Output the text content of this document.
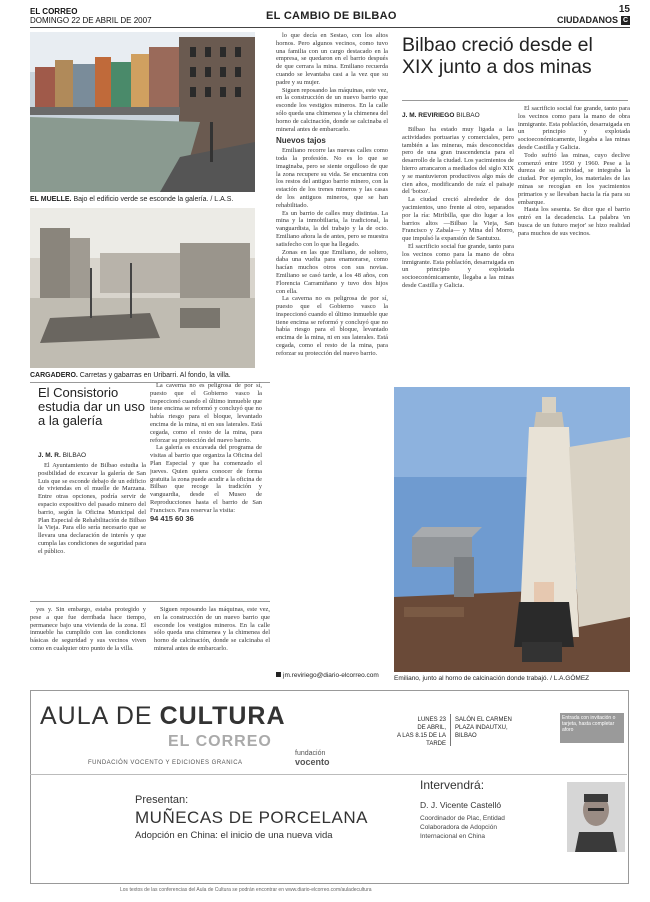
EL CORREO
DOMINGO 22 DE ABRIL DE 2007	EL CAMBIO DE BILBAO
15
CIUDADANOS C
EL MUELLE. Bajo el edificio verde se esconde la galería. / L.A.S.
CARGADERO. Carretas y gabarras en Uribarri. Al fondo, la villa.
El Consistorio estudia dar un uso a la galería
J. M. R. BILBAO

El Ayuntamiento de Bilbao estudia la posibilidad de excavar la galería de San Luis que se esconde debajo de un edificio de viviendas en el muelle de Marzana. Entre otras opciones, podría servir de espacio expositivo del pasado minero del barrio, según la Oficina Municipal del Plan Especial de Rehabilitación de Bilbao la Vieja. Para ello sería necesario que se llevara una declaración de interés y que cumpla las condiciones de seguridad para el público.

La caverna no es peligrosa de por sí, puesto que el Gobierno vasco la inspeccionó cuando el último inmueble que tiene encima se reformó y concluyó que no había riesgo para el bloque, levantado encima de la mina, ni en sus laterales. Está cegada, como el resto de la mina, para reforzar su protección del nuevo barrio.

La galería es excavada del programa de visitas al barrio que organiza la Oficina del Plan Especial y que ha comenzado el jueves. Quien quiera conocer de forma gratuita la zona puede acudir a la oficina de Bilbao que recoge la tradición y vanguardia, desde el Museo de Reproducciones hasta el barrio de San Francisco. Para reservar la visita:

94 415 60 36

yes y. Sin embargo, estaba protegido y pese a que fue derribada hace tiempo, permanece bajo una vivienda de la zona. El inmueble ha cumplido con las condiciones básicas de seguridad y sus vecinos viven como en cualquier otro punto de la villa.

Siguen reposando las máquinas, este vez, en la construcción de un nuevo barrio que esconde los vestigios mineros. En la calle sólo queda una chimenea y la chimenea del horno de calcinación, donde se calcinaba el mineral antes de embarcarlo.

lo que decía en Sestao, con los altos hornos. Pero algunos vecinos, como tuvo una familia con un cargo destacado en la empresa, se quedaron en el barrio después de que cerrara la mina. Emiliano recuerda cuando se levantaba casi a la vez que su padre y su mujer.

Siguen reposando las máquinas, este vez, en la construcción de un nuevo barrio que esconde los vestigios mineros. En la calle sólo queda una chimenea y la chimenea del horno de calcinación, donde se calcinaba el mineral antes de embarcarlo.

Nuevos tajos

Emiliano recorre las nuevas calles como toda la profesión. No es lo que se imaginaba, pero se siente orgulloso de que la zona recupere su vida. Se encuentra con los restos del antiguo barrio minero, con la estación de los trenes mineros y las casas de los antiguos mineros, que se han rehabilitado.

Es un barrio de calles muy distintas. La mina y la inmobiliaria, la tradicional, la vanguardista, la del trabajo y la de ocio. Emiliano añora la de antes, pero se muestra satisfecho con lo que ha llegado.

Zonas en las que Emiliano, de soltero, daba una vuelta para enamorarse, como hacían muchos otros con sus novias. Emiliano se casó tarde, a los 48 años, con Florencia Carramiñano y tuvo dos hijos con ella.

La caverna no es peligrosa de por sí, puesto que el Gobierno vasco la inspeccionó cuando el último inmueble que tiene encima se reformó y concluyó que no había riesgo para el bloque, levantado encima de la mina, ni en sus laterales. Está cegada, como el resto de la mina, para reforzar su protección del nuevo barrio.

jm.reviriego@diario-elcorreo.com
Bilbao creció desde el XIX junto a dos minas
J. M. REVIRIEGO BILBAO

Bilbao ha estado muy ligada a las actividades portuarias y comerciales, pero también a las mineras, más desconocidas pero de una gran trascendencia para el desarrollo de la ciudad. Los yacimientos de hierro arrancaron a mediados del siglo XIX y se mantuvieron productivos algo más de cien años, modificando de raíz el paisaje del 'botxo'.

La ciudad creció alrededor de dos yacimientos, uno frente al otro, separados por la ría: Miribilla, que dio lugar a los barrios altos —Bilbao la Vieja, San Francisco y Zabala— y Mina del Morro, que impulsó la expansión de Santutxu.

El sacrificio social fue grande, tanto para los vecinos como para la mano de obra inmigrante. Esta población, desarraigada en un principio y explotada socioeconómicamente, llegaba a las minas desde Castilla y Galicia.

El sacrificio social fue grande, tanto para los vecinos como para la mano de obra inmigrante. Esta población, desarraigada en un principio y explotada socioeconómicamente, llegaba a las minas desde Castilla y Galicia.

Todo sufrió las minas, cuyo declive comenzó entre 1950 y 1960. Pese a la dureza de su actividad, se integraba la ciudad. Por ejemplo, los materiales de las minas se recogían en los yacimientos primarios y se llevaban hacia la ría para su embarque.

Hasta los sesenta. Se dice que el barrio entró en la decadencia. La palabra 'en busca de un futuro mejor' se hizo realidad para muchos de sus vecinos.

Emiliano, junto al horno de calcinación donde trabajó. / L.A.GÓMEZ
AULA DE CULTURA
EL CORREO
FUNDACIÓN VOCENTO Y EDICIONES GRANICA
fundación
vocento
LUNES 23
DE ABRIL,
A LAS 8.15 DE LA TARDE
SALÓN EL CARMEN
PLAZA INDAUTXU,
BILBAO
Entrada con invitación o tarjeta, hasta completar aforo
Presentan:
MUÑECAS DE PORCELANA
Adopción en China: el inicio de una nueva vida
Intervendrá:
D. J. Vicente Castelló
Coordinador de Plac, Entidad
Colaboradora de Adopción
Internacional en China
Los textos de las conferencias del Aula de Cultura se podrán encontrar en www.diario-elcorreo.com/auladecultura
